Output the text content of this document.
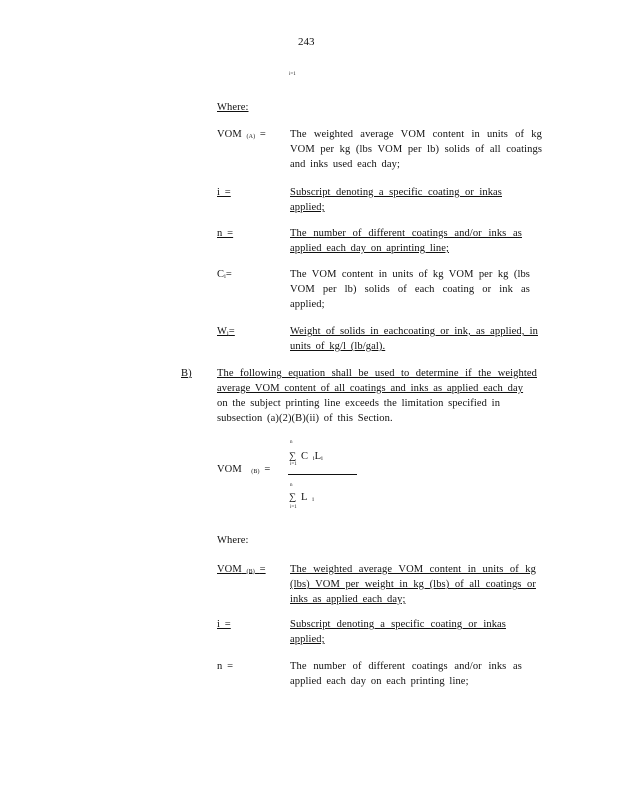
243
i=1
Where:
VOM (A) = The weighted average VOM content in units of kg VOM per kg (lbs VOM per lb) solids of all coatings and inks used each day;
i =	Subscript denoting a specific coating or inkas applied;
n =	The number of different coatings and/or inks as applied each day on aprinting line;
Ci=	The VOM content in units of kg VOM per kg (lbs VOM per lb) solids of each coating or ink as applied;
Wi=	Weight of solids in eachcoating or ink, as applied, in units of kg/l (lb/gal).
B) The following equation shall be used to determine if the weighted average VOM content of all coatings and inks as applied each day
on the subject printing line exceeds the limitation specified in subsection (a)(2)(B)(ii) of this Section.
VOM (B) =
n
∑ C iLi
i=1
n
∑ L i
i=1
Where:
VOM (B) = The weighted average VOM content in units of kg (lbs) VOM per weight in kg (lbs) of all coatings or inks as applied each day;
i =	Subscript denoting a specific coating or inkas applied;
n =	The number of different coatings and/or inks as applied each day on each printing line;
